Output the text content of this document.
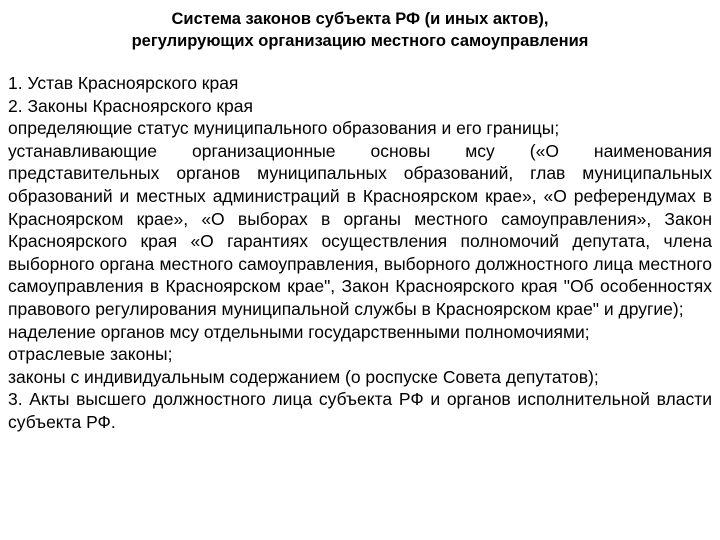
Система законов субъекта РФ (и иных актов),
регулирующих организацию местного самоуправления

1. Устав Красноярского края

2. Законы Красноярского края

определяющие статус муниципального образования и его границы;

устанавливающие организационные основы мсу («О наименования представительных органов муниципальных образований, глав муниципальных образований и местных администраций в Красноярском крае», «О референдумах в Красноярском крае», «О выборах в органы местного самоуправления», Закон Красноярского края «О гарантиях осуществления полномочий депутата, члена выборного органа местного самоуправления, выборного должностного лица местного самоуправления в Красноярском крае", Закон Красноярского края "Об особенностях правового регулирования муниципальной службы в Красноярском крае" и другие);

наделение органов мсу отдельными государственными полномочиями;

отраслевые законы;

законы с индивидуальным содержанием (о роспуске Совета депутатов);

3. Акты высшего должностного лица субъекта РФ и органов исполнительной власти субъекта РФ.
